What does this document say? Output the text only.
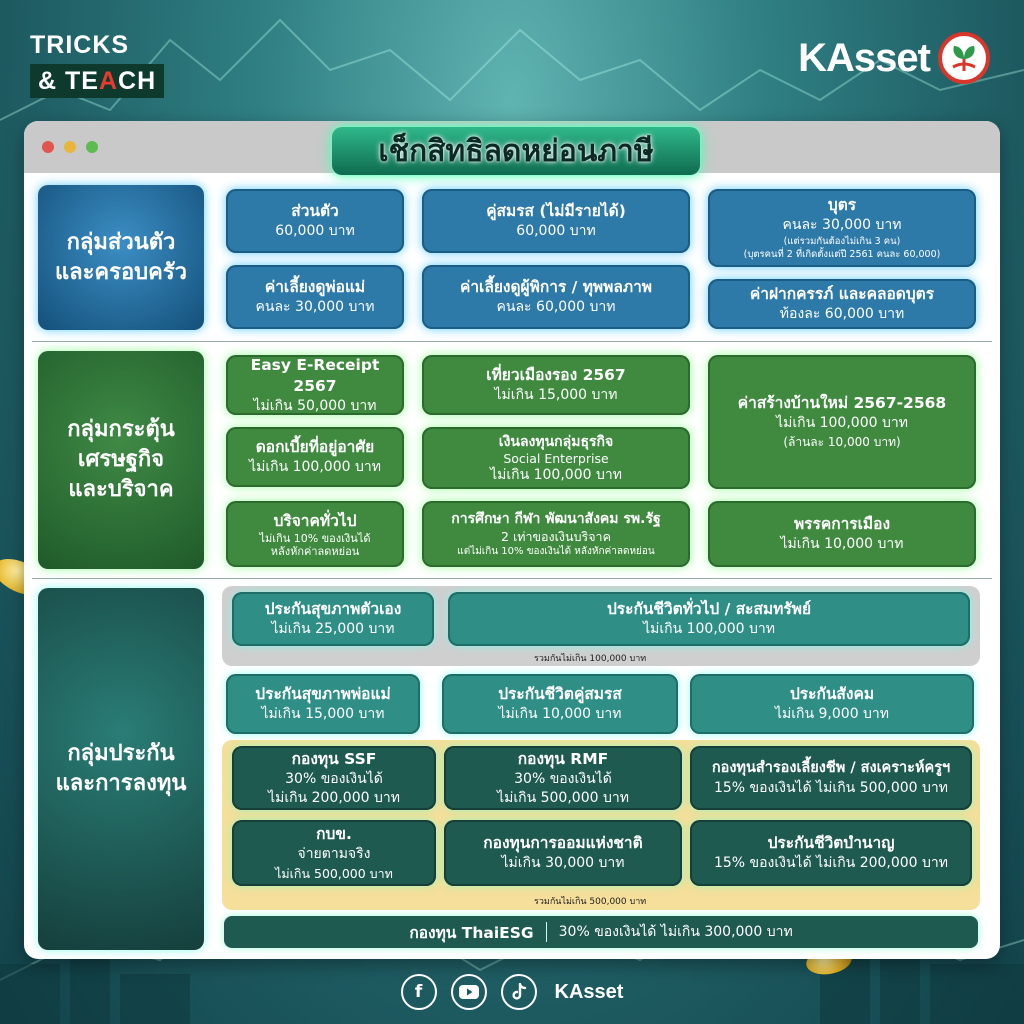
TRICKS
& TEACH
KAsset
เช็กสิทธิลดหย่อนภาษี
กลุ่มส่วนตัว
และครอบครัว
ส่วนตัว
60,000 บาท
คู่สมรส (ไม่มีรายได้)
60,000 บาท
บุตร
คนละ 30,000 บาท
(แต่รวมกันต้องไม่เกิน 3 คน)
(บุตรคนที่ 2 ที่เกิดตั้งแต่ปี 2561 คนละ 60,000)
ค่าเลี้ยงดูพ่อแม่
คนละ 30,000 บาท
ค่าเลี้ยงดูผู้พิการ / ทุพพลภาพ
คนละ 60,000 บาท
ค่าฝากครรภ์ และคลอดบุตร
ท้องละ 60,000 บาท
กลุ่มกระตุ้น
เศรษฐกิจ
และบริจาค
Easy E-Receipt 2567
ไม่เกิน 50,000 บาท
เที่ยวเมืองรอง 2567
ไม่เกิน 15,000 บาท	ค่าสร้างบ้านใหม่ 2567-2568
ไม่เกิน 100,000 บาท
(ล้านละ 10,000 บาท)
ดอกเบี้ยที่อยู่อาศัย
ไม่เกิน 100,000 บาท
เงินลงทุนกลุ่มธุรกิจ
Social Enterprise
ไม่เกิน 100,000 บาท
บริจาคทั่วไป
ไม่เกิน 10% ของเงินได้
หลังหักค่าลดหย่อน
การศึกษา กีฬา พัฒนาสังคม รพ.รัฐ
2 เท่าของเงินบริจาค
แต่ไม่เกิน 10% ของเงินได้ หลังหักค่าลดหย่อน
พรรคการเมือง
ไม่เกิน 10,000 บาท
กลุ่มประกัน
และการลงทุน
ประกันสุขภาพตัวเอง
ไม่เกิน 25,000 บาท
ประกันชีวิตทั่วไป / สะสมทรัพย์
ไม่เกิน 100,000 บาท
รวมกันไม่เกิน 100,000 บาท
ประกันสุขภาพพ่อแม่
ไม่เกิน 15,000 บาท
ประกันชีวิตคู่สมรส
ไม่เกิน 10,000 บาท
ประกันสังคม
ไม่เกิน 9,000 บาท
กองทุน SSF
30% ของเงินได้
ไม่เกิน 200,000 บาท
กองทุน RMF
30% ของเงินได้
ไม่เกิน 500,000 บาท
กองทุนสำรองเลี้ยงชีพ / สงเคราะห์ครูฯ
15% ของเงินได้ ไม่เกิน 500,000 บาท
กบข.
จ่ายตามจริง
ไม่เกิน 500,000 บาท
กองทุนการออมแห่งชาติ
ไม่เกิน 30,000 บาท
ประกันชีวิตบำนาญ
15% ของเงินได้ ไม่เกิน 200,000 บาท
รวมกันไม่เกิน 500,000 บาท
กองทุน ThaiESG 30% ของเงินได้ ไม่เกิน 300,000 บาท
f	KAsset
